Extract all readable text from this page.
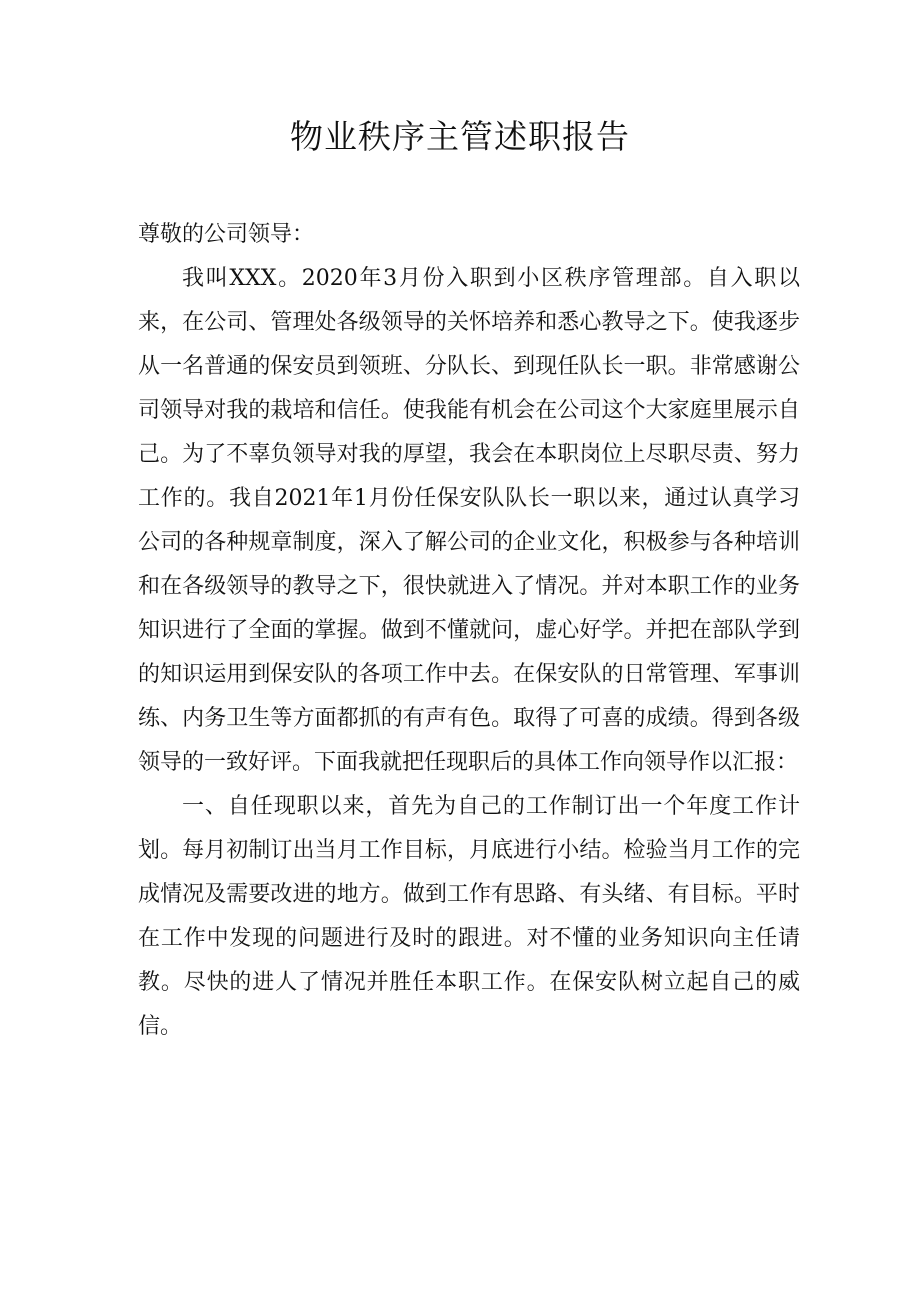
物业秩序主管述职报告

尊敬的公司领导：

我叫XXX。2020年3月份入职到小区秩序管理部。自入职以来，在公司、管理处各级领导的关怀培养和悉心教导之下。使我逐步从一名普通的保安员到领班、分队长、到现任队长一职。非常感谢公司领导对我的栽培和信任。使我能有机会在公司这个大家庭里展示自己。为了不辜负领导对我的厚望，我会在本职岗位上尽职尽责、努力工作的。我自2021年1月份任保安队队长一职以来，通过认真学习公司的各种规章制度，深入了解公司的企业文化，积极参与各种培训和在各级领导的教导之下，很快就进入了情况。并对本职工作的业务知识进行了全面的掌握。做到不懂就问，虚心好学。并把在部队学到的知识运用到保安队的各项工作中去。在保安队的日常管理、军事训练、内务卫生等方面都抓的有声有色。取得了可喜的成绩。得到各级领导的一致好评。下面我就把任现职后的具体工作向领导作以汇报：

一、自任现职以来，首先为自己的工作制订出一个年度工作计划。每月初制订出当月工作目标，月底进行小结。检验当月工作的完成情况及需要改进的地方。做到工作有思路、有头绪、有目标。平时在工作中发现的问题进行及时的跟进。对不懂的业务知识向主任请教。尽快的进人了情况并胜任本职工作。在保安队树立起自己的威信。
